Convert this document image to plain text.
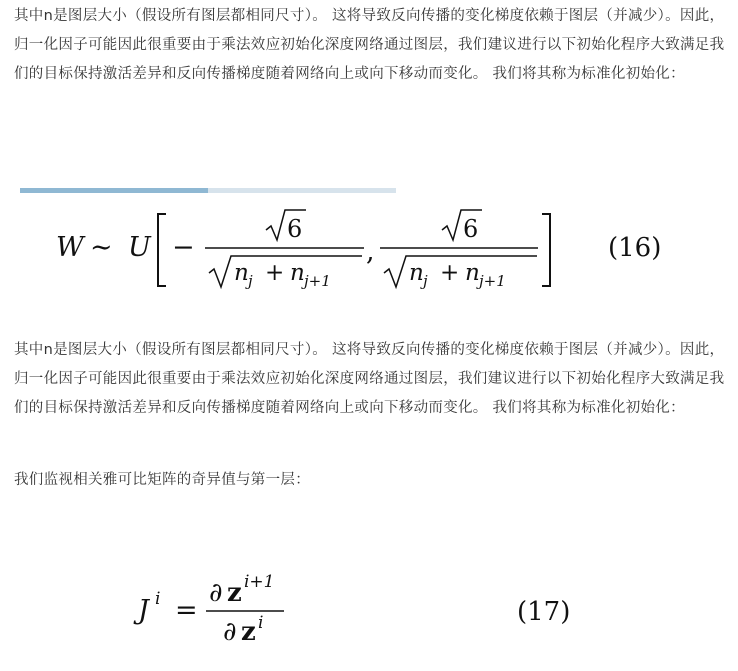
其中n是图层大小（假设所有图层都相同尺寸）。 这将导致反向传播的变化梯度依赖于图层（并减少）。因此，归一化因子可能因此很重要由于乘法效应初始化深度网络通过图层，我们建议进行以下初始化程序大致满足我们的目标保持激活差异和反向传播梯度随着网络向上或向下移动而变化。 我们将其称为标准化初始化：

W ∼ U −
6
n j + n j+1
,
6
n j + n j+1
(16)

其中n是图层大小（假设所有图层都相同尺寸）。 这将导致反向传播的变化梯度依赖于图层（并减少）。因此，归一化因子可能因此很重要由于乘法效应初始化深度网络通过图层，我们建议进行以下初始化程序大致满足我们的目标保持激活差异和反向传播梯度随着网络向上或向下移动而变化。 我们将其称为标准化初始化：

我们监视相关雅可比矩阵的奇异值与第一层：

J i =
∂ z i+1
∂ z i	(17)
